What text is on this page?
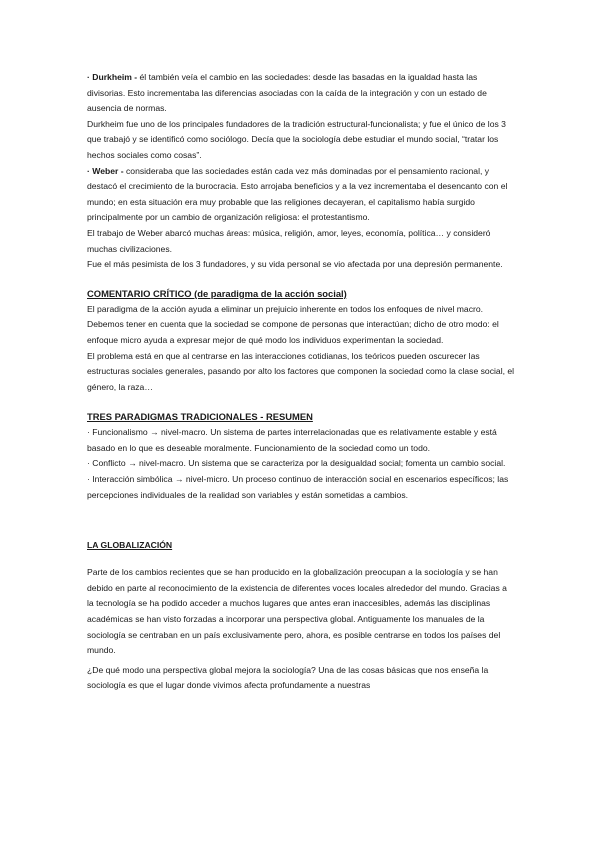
· Durkheim - él también veía el cambio en las sociedades: desde las basadas en la igualdad hasta las divisorias. Esto incrementaba las diferencias asociadas con la caída de la integración y con un estado de ausencia de normas.

Durkheim fue uno de los principales fundadores de la tradición estructural-funcionalista; y fue el único de los 3 que trabajó y se identificó como sociólogo. Decía que la sociología debe estudiar el mundo social, “tratar los hechos sociales como cosas”.

· Weber - consideraba que las sociedades están cada vez más dominadas por el pensamiento racional, y destacó el crecimiento de la burocracia. Esto arrojaba beneficios y a la vez incrementaba el desencanto con el mundo; en esta situación era muy probable que las religiones decayeran, el capitalismo había surgido principalmente por un cambio de organización religiosa: el protestantismo.

El trabajo de Weber abarcó muchas áreas: música, religión, amor, leyes, economía, política… y consideró muchas civilizaciones.

Fue el más pesimista de los 3 fundadores, y su vida personal se vio afectada por una depresión permanente.

COMENTARIO CRÍTICO (de paradigma de la acción social)

El paradigma de la acción ayuda a eliminar un prejuicio inherente en todos los enfoques de nivel macro. Debemos tener en cuenta que la sociedad se compone de personas que interactúan; dicho de otro modo: el enfoque micro ayuda a expresar mejor de qué modo los individuos experimentan la sociedad.

El problema está en que al centrarse en las interacciones cotidianas, los teóricos pueden oscurecer las estructuras sociales generales, pasando por alto los factores que componen la sociedad como la clase social, el género, la raza…

TRES PARADIGMAS TRADICIONALES - RESUMEN

· Funcionalismo → nivel-macro. Un sistema de partes interrelacionadas que es relativamente estable y está basado en lo que es deseable moralmente. Funcionamiento de la sociedad como un todo.

· Conflicto → nivel-macro. Un sistema que se caracteriza por la desigualdad social; fomenta un cambio social.

· Interacción simbólica → nivel-micro. Un proceso continuo de interacción social en escenarios específicos; las percepciones individuales de la realidad son variables y están sometidas a cambios.

LA GLOBALIZACIÓN

Parte de los cambios recientes que se han producido en la globalización preocupan a la sociología y se han debido en parte al reconocimiento de la existencia de diferentes voces locales alrededor del mundo. Gracias a la tecnología se ha podido acceder a muchos lugares que antes eran inaccesibles, además las disciplinas académicas se han visto forzadas a incorporar una perspectiva global. Antiguamente los manuales de la sociología se centraban en un país exclusivamente pero, ahora, es posible centrarse en todos los países del mundo.

¿De qué modo una perspectiva global mejora la sociología? Una de las cosas básicas que nos enseña la sociología es que el lugar donde vivimos afecta profundamente a nuestras
